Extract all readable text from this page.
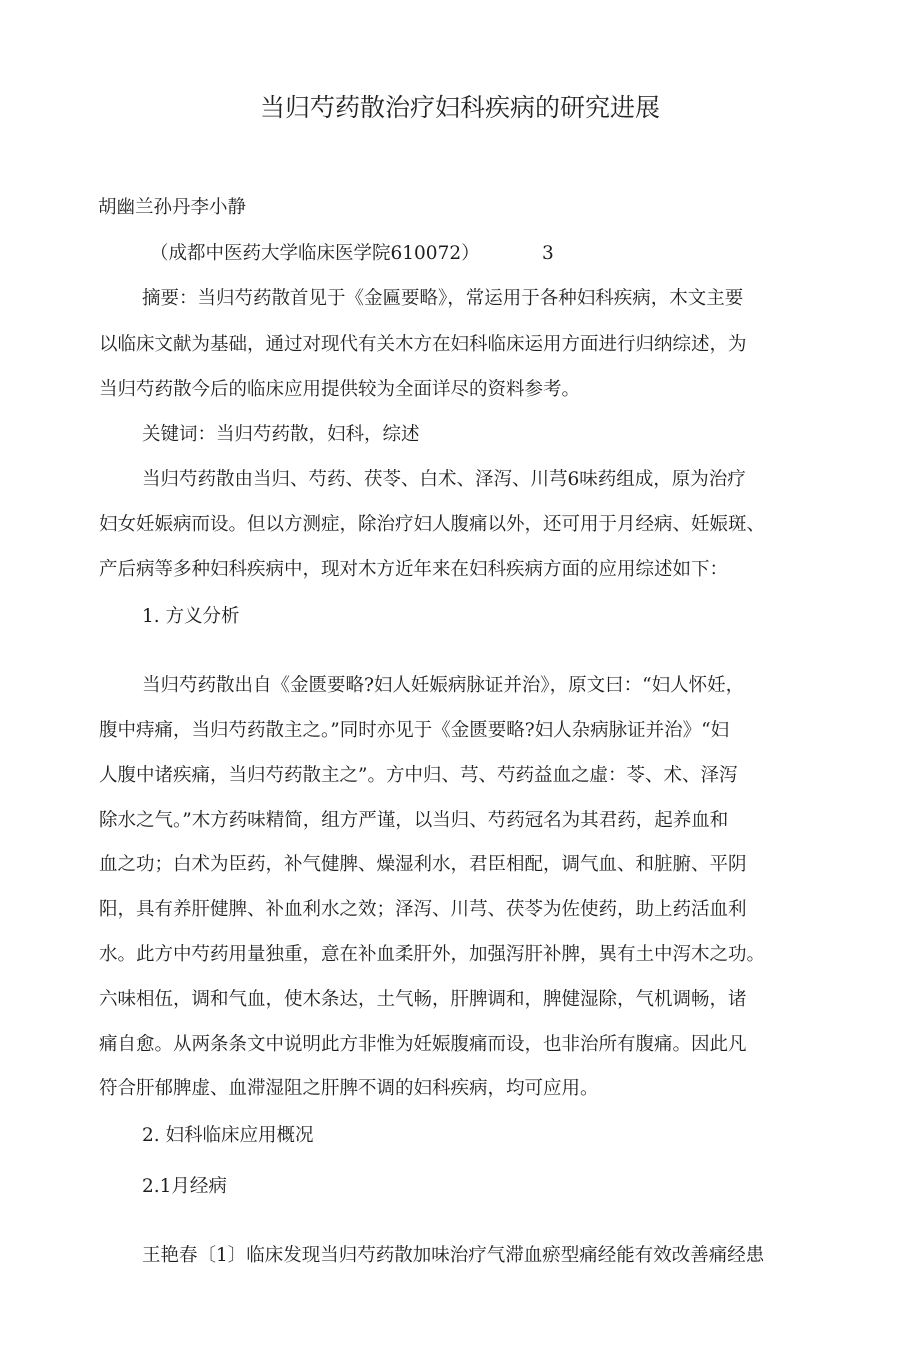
当归芍药散治疗妇科疾病的研究进展
胡幽兰孙丹李小静
（成都中医药大学临床医学院610072）	3
摘要：当归芍药散首见于《金匾要略》，常运用于各种妇科疾病，木文主要
以临床文献为基础，通过对现代有关木方在妇科临床运用方面进行归纳综述，为
当归芍药散今后的临床应用提供较为全面详尽的资料参考。
关键词：当归芍药散，妇科，综述
当归芍药散由当归、芍药、茯苓、白术、泽泻、川芎6味药组成，原为治疗
妇女妊娠病而设。但以方测症，除治疗妇人腹痛以外，还可用于月经病、妊娠斑、
产后病等多种妇科疾病中，现对木方近年来在妇科疾病方面的应用综述如下：
1. 方义分析
当归芍药散出自《金匮要略?妇人妊娠病脉证并治》，原文曰：“妇人怀妊，
腹中痔痛，当归芍药散主之。”同时亦见于《金匮要略?妇人杂病脉证并治》“妇
人腹中诸疾痛，当归芍药散主之”。方中归、芎、芍药益血之虛：苓、术、泽泻
除水之气。”木方药味精简，组方严谨，以当归、芍药冠名为其君药，起养血和
血之功；白术为臣药，补气健脾、燥湿利水，君臣相配，调气血、和脏腑、平阴
阳，具有养肝健脾、补血利水之效；泽泻、川芎、茯苓为佐使药，助上药活血利
水。此方中芍药用量独重，意在补血柔肝外，加强泻肝补脾，異有土中泻木之功。
六味相伍，调和气血，使木条达，土气畅，肝脾调和，脾健湿除，气机调畅，诸
痛自愈。从两条条文中说明此方非惟为妊娠腹痛而设，也非治所有腹痛。因此凡
符合肝郁脾虚、血滞湿阻之肝脾不调的妇科疾病，均可应用。
2. 妇科临床应用概况
2.1月经病
王艳春〔1〕临床发现当归芍药散加味治疗气滞血瘀型痛经能有效改善痛经患
